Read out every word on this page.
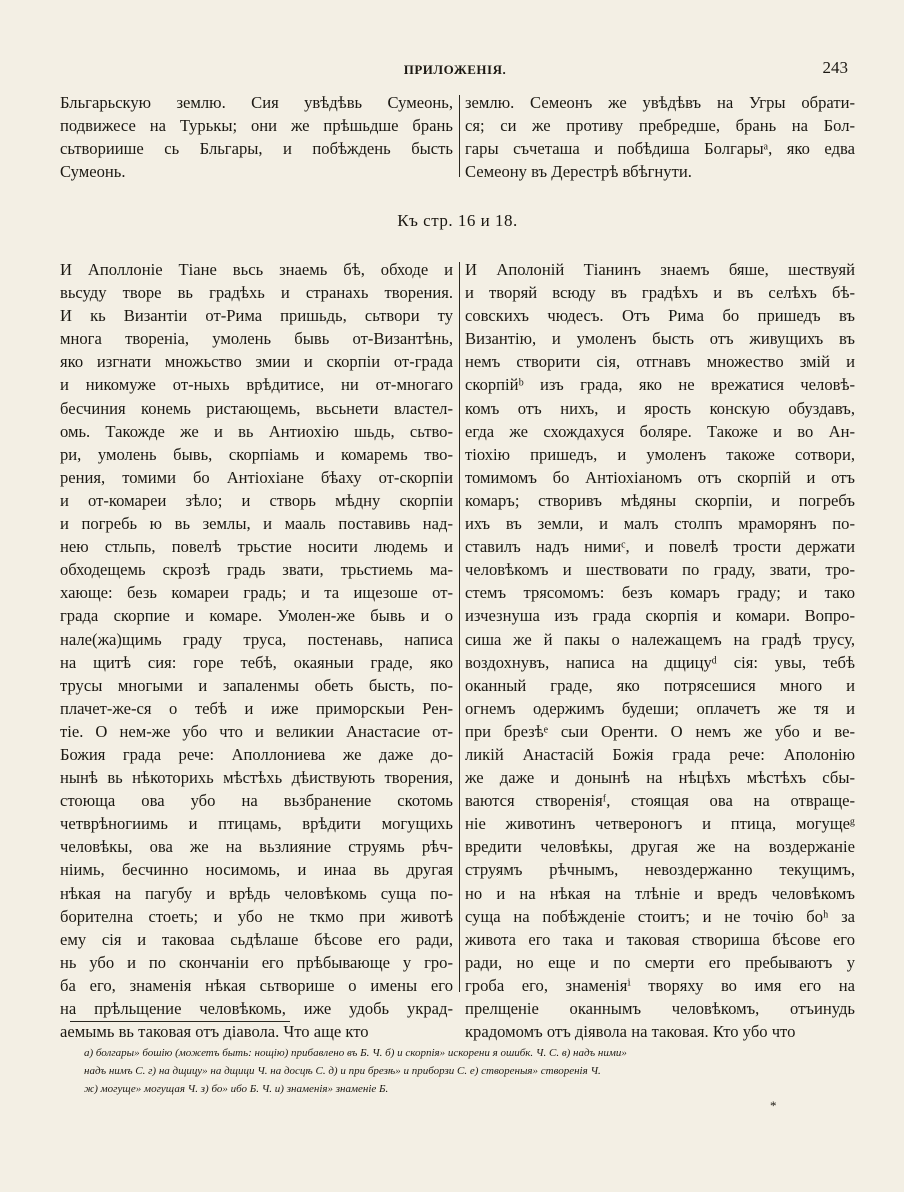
ПРИЛОЖЕНІЯ.	243
Бльгарьскую землю. Сия увѣдѣвь Сумеонь,
подвижесе на Турькы; они же прѣшьдше брань
сьтвориише сь Бльгары, и побѣждень бысть
Сумеонь.
землю. Семеонъ же увѣдѣвъ на Угры обрати-
ся; си же противу пребредше, брань на Бол-
гары съчеташа и побѣдиша Болгарыᵃ, яко едва
Семеону въ Дерестрѣ вбѣгнути.
Къ стр. 16 и 18.
И Аполлоніе Тіане вьсь знаемь бѣ, обходе и
вьсуду творе вь градѣхь и странахь творения.
И кь Византіи от-Рима пришьдь, сьтвори ту
многа творенiа, умолень бывь от-Византѣнь,
яко изгнати множьство змии и скорпіи от-града
и никомуже от-ныхь врѣдитисе, ни от-многаго
бесчиния конемь ристающемь, вьсьнети властел-
омь. Такожде же и вь Антиохію шьдь, сьтво-
ри, умолень бывь, скорпіамь и комаремь тво-
рения, томими бо Антіохіане бѣаху от-скорпіи
и от-комареи зѣло; и створь мѣдну скорпіи
и погребь ю вь землы, и мааль поставивь над-
нею стльпь, повелѣ трьстие носити людемь и
обходещемь скрозѣ градь звати, трьстиемь ма-
хающе: безь комареи градь; и та ищезоше от-
града скорпие и комаре. Умолен-же бывь и о
нале(жа)щимь граду труса, постенавь, написа
на щитѣ сия: горе тебѣ, окаяныи граде, яко
трусы многыми и запаленмы обеть бысть, по-
плачет-же-ся о тебѣ и иже приморскыи Рен-
тіе. О нем-же убо что и великии Анастасие от-
Божия града рече: Аполлониева же даже до-
нынѣ вь нѣкоторихь мѣстѣхь дѣиствують творения,
стоюща ова убо на вьзбранение скотомь
четврѣногиимь и птицамь, врѣдити могущихь
человѣкы, ова же на вьзлияние струямь рѣч-
ніимь, бесчинно носимомь, и инаа вь другая
нѣкая на пагубу и врѣдь человѣкомь суща по-
борителна стоеть; и убо не ткмо при животѣ
ему сія и таковаа сьдѣлаше бѣсове его ради,
нь убо и по скончаніи его прѣбывающе у гро-
ба его, знаменія нѣкая сьтворише о имены его
на прѣльщение человѣкомь, иже удобь украд-
аемымь вь таковая отъ діавола. Что аще кто
И Аполоній Тіанинъ знаемъ бяше, шествуяй
и творяй всюду въ градѣхъ и въ селѣхъ бѣ-
совскихъ чюдесъ. Отъ Рима бо пришедъ въ
Византію, и умоленъ бысть отъ живущихъ въ
немъ створити сія, отгнавъ множество змій и
скорпійᵇ изъ града, яко не врежатися человѣ-
комъ отъ нихъ, и ярость конскую обуздавъ,
егда же схождахуся боляре. Такоже и во Ан-
тіохію пришедъ, и умоленъ такоже сотвори,
томимомъ бо Антіохіаномъ отъ скорпій и отъ
комаръ; створивъ мѣдяны скорпіи, и погребъ
ихъ въ земли, и малъ столпъ мраморянъ по-
ставилъ надъ нимиᶜ, и повелѣ трости держати
человѣкомъ и шествовати по граду, звати, тро-
стемъ трясомомъ: безъ комаръ граду; и тако
изчезнуша изъ града скорпія и комари. Вопро-
сиша же й пакы о належащемъ на градѣ трусу,
воздохнувъ, написа на дщицуᵈ сія: увы, тебѣ
оканный граде, яко потрясешися много и
огнемъ одержимъ будеши; оплачетъ же тя и
при брезѣᵉ сыи Оренти. О немъ же убо и ве-
ликій Анастасій Божія града рече: Аполонію
же даже и донынѣ на нѣцѣхъ мѣстѣхъ сбы-
ваются створеніяᶠ, стоящая ова на отвраще-
ніе животинъ четвероногъ и птица, могущеᵍ
вредити человѣкы, другая же на воздержаніе
струямъ рѣчнымъ, невоздержанно текущимъ,
но и на нѣкая на тлѣніе и вредъ человѣкомъ
суща на побѣжденіе стоитъ; и не точію боʰ за
живота его така и таковая створиша бѣсове его
ради, но еще и по смерти его пребываютъ у
гроба его, знаменіяⁱ творяху во имя его на
прелщеніе оканнымъ человѣкомъ, отъинудь
крадомомъ отъ діявола на таковая. Кто убо что
а) болгары» бошію (можетъ быть: нощію) прибавлено въ Б. Ч. б) и скорпія» искорени я ошибк. Ч. С. в) надъ ними»
надъ нимъ С. г) на дщицу» на дщици Ч. на досцѣ С. д) и при брезѣ» и приборзи С. е) створеныя» створенія Ч.
ж) могуще» могущая Ч. з) бо» ибо Б. Ч. и) знаменія» знаменіе Б.
*
